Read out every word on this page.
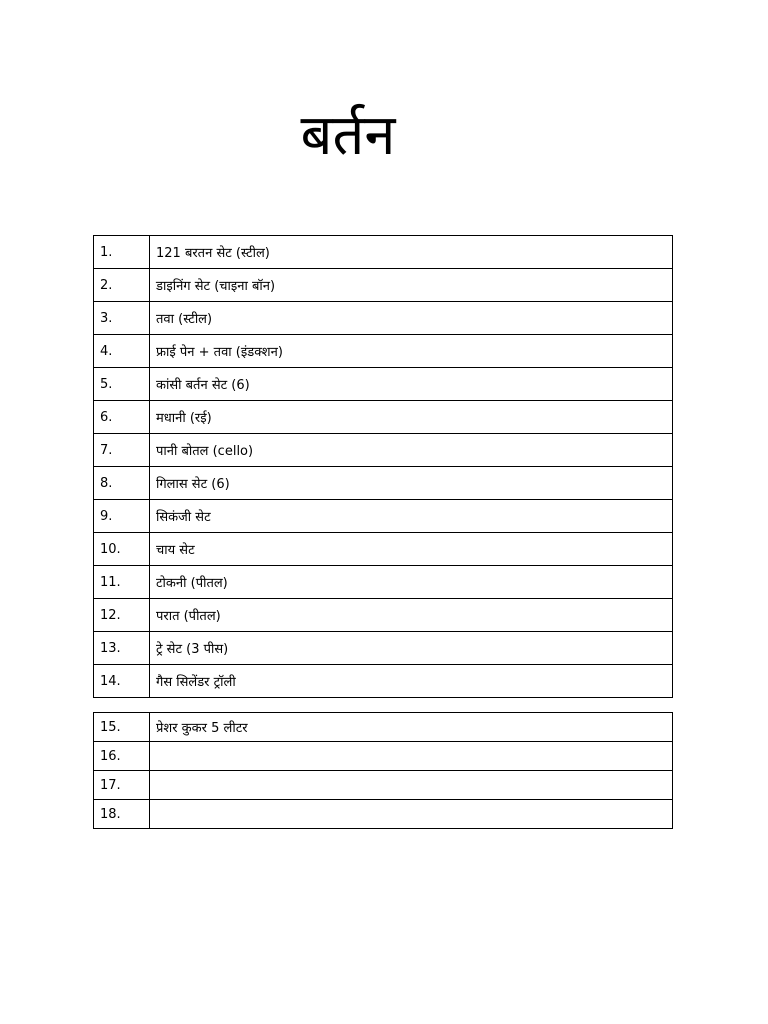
बर्तन
1.	121 बरतन सेट (स्टील)
2.	डाइनिंग सेट (चाइना बॉन)
3.	तवा (स्टील)
4.	फ्राई पेन + तवा (इंडक्शन)
5.	कांसी बर्तन सेट (6)
6.	मधानी (रई)
7.	पानी बोतल (cello)
8.	गिलास सेट (6)
9.	सिकंजी सेट
10.	चाय सेट
11.	टोकनी (पीतल)
12.	परात (पीतल)
13.	ट्रे सेट (3 पीस)
14.	गैस सिलेंडर ट्रॉली
15.	प्रेशर कुकर 5 लीटर
16.	
17.	
18.	
